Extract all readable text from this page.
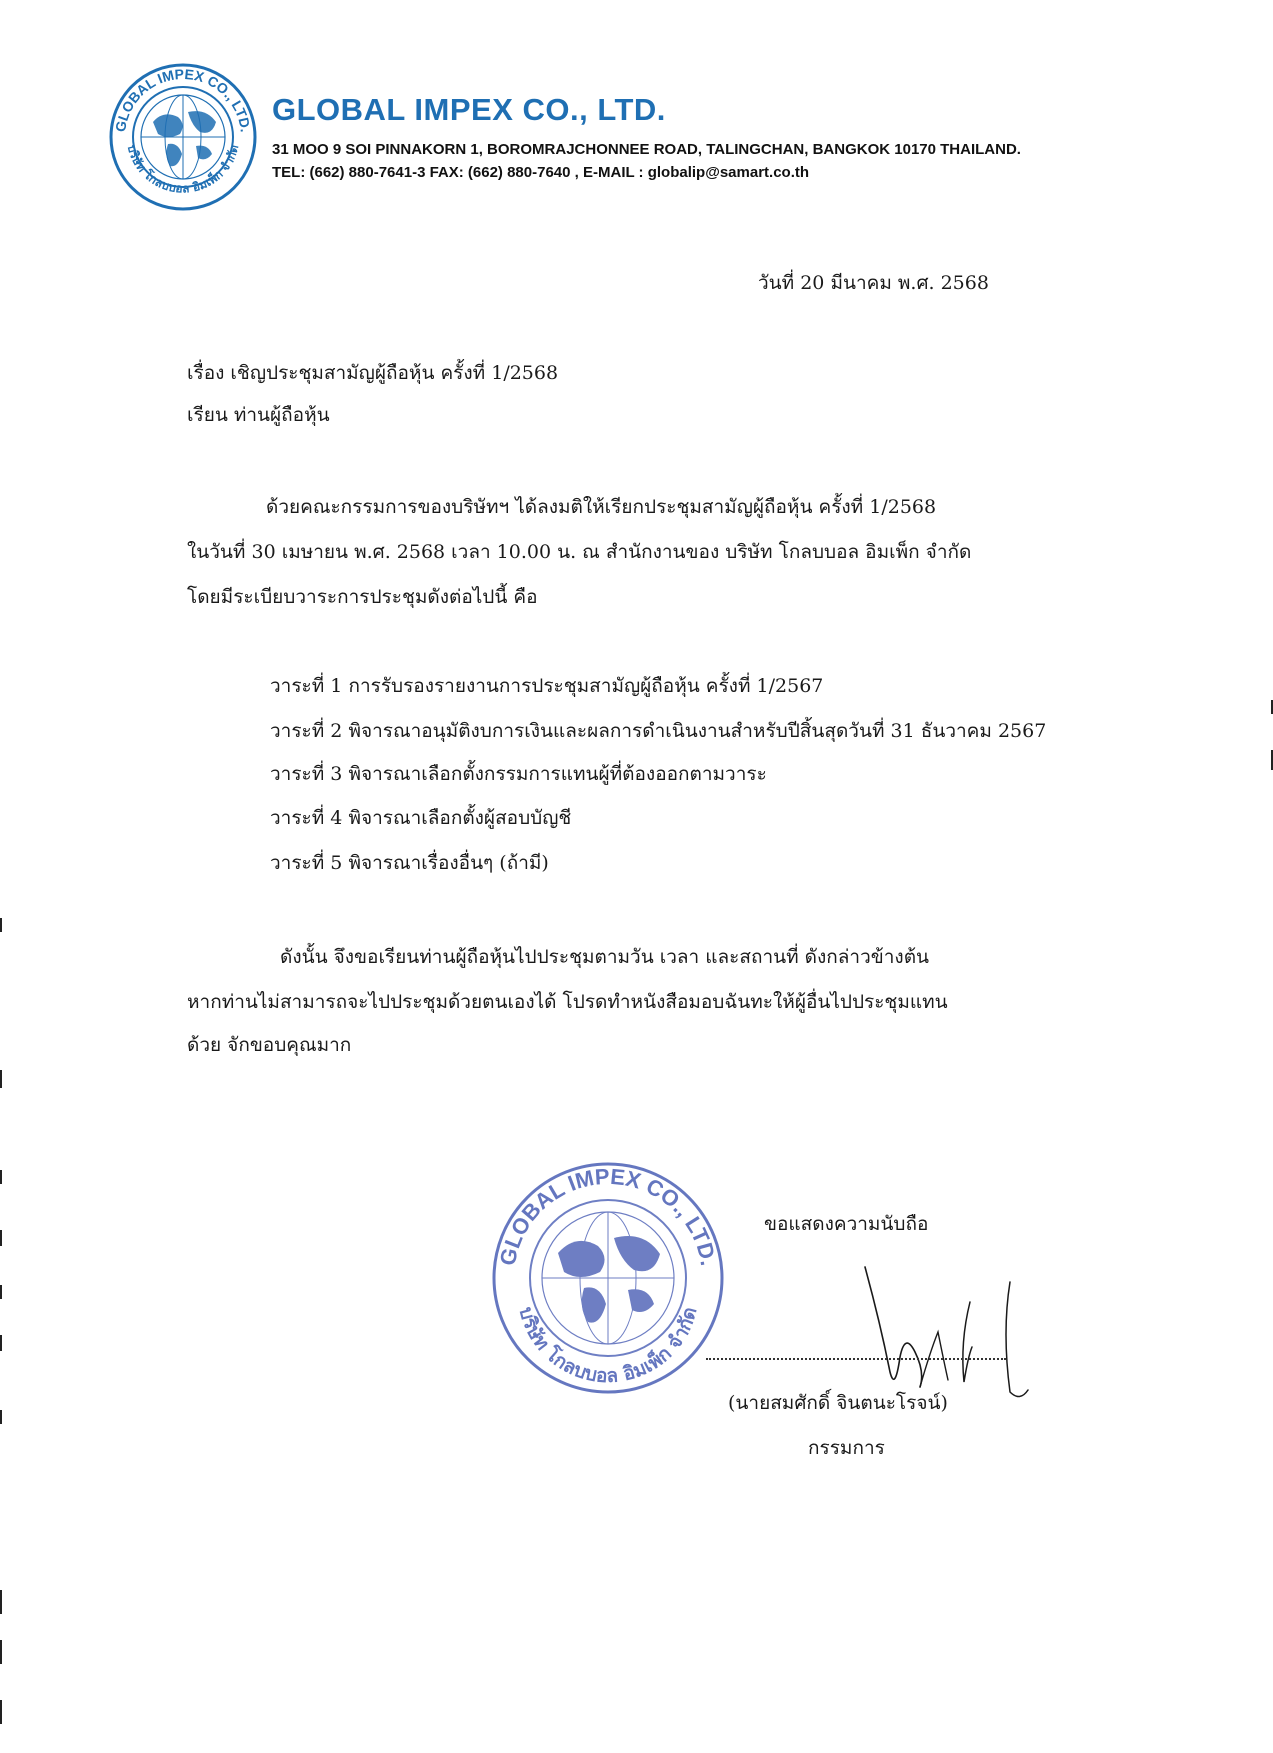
GLOBAL IMPEX CO., LTD.
บริษัท โกลบบอล อิมเพ็ก จำกัด
GLOBAL IMPEX CO., LTD.
31 MOO 9 SOI PINNAKORN 1, BOROMRAJCHONNEE ROAD, TALINGCHAN, BANGKOK 10170 THAILAND.
TEL: (662) 880-7641-3 FAX: (662) 880-7640 , E-MAIL : globalip@samart.co.th
วันที่ 20 มีนาคม พ.ศ. 2568
เรื่อง เชิญประชุมสามัญผู้ถือหุ้น ครั้งที่ 1/2568
เรียน ท่านผู้ถือหุ้น
ด้วยคณะกรรมการของบริษัทฯ ได้ลงมติให้เรียกประชุมสามัญผู้ถือหุ้น ครั้งที่ 1/2568
ในวันที่ 30 เมษายน พ.ศ. 2568 เวลา 10.00 น. ณ สำนักงานของ บริษัท โกลบบอล อิมเพ็ก จำกัด
โดยมีระเบียบวาระการประชุมดังต่อไปนี้ คือ
วาระที่ 1 การรับรองรายงานการประชุมสามัญผู้ถือหุ้น ครั้งที่ 1/2567
วาระที่ 2 พิจารณาอนุมัติงบการเงินและผลการดำเนินงานสำหรับปีสิ้นสุดวันที่ 31 ธันวาคม 2567
วาระที่ 3 พิจารณาเลือกตั้งกรรมการแทนผู้ที่ต้องออกตามวาระ
วาระที่ 4 พิจารณาเลือกตั้งผู้สอบบัญชี
วาระที่ 5 พิจารณาเรื่องอื่นๆ (ถ้ามี)
ดังนั้น จึงขอเรียนท่านผู้ถือหุ้นไปประชุมตามวัน เวลา และสถานที่ ดังกล่าวข้างต้น
หากท่านไม่สามารถจะไปประชุมด้วยตนเองได้ โปรดทำหนังสือมอบฉันทะให้ผู้อื่นไปประชุมแทน
ด้วย จักขอบคุณมาก
GLOBAL IMPEX CO., LTD.
บริษัท โกลบบอล อิมเพ็ก จำกัด
ขอแสดงความนับถือ
(นายสมศักดิ์ จินตนะโรจน์)
กรรมการ
